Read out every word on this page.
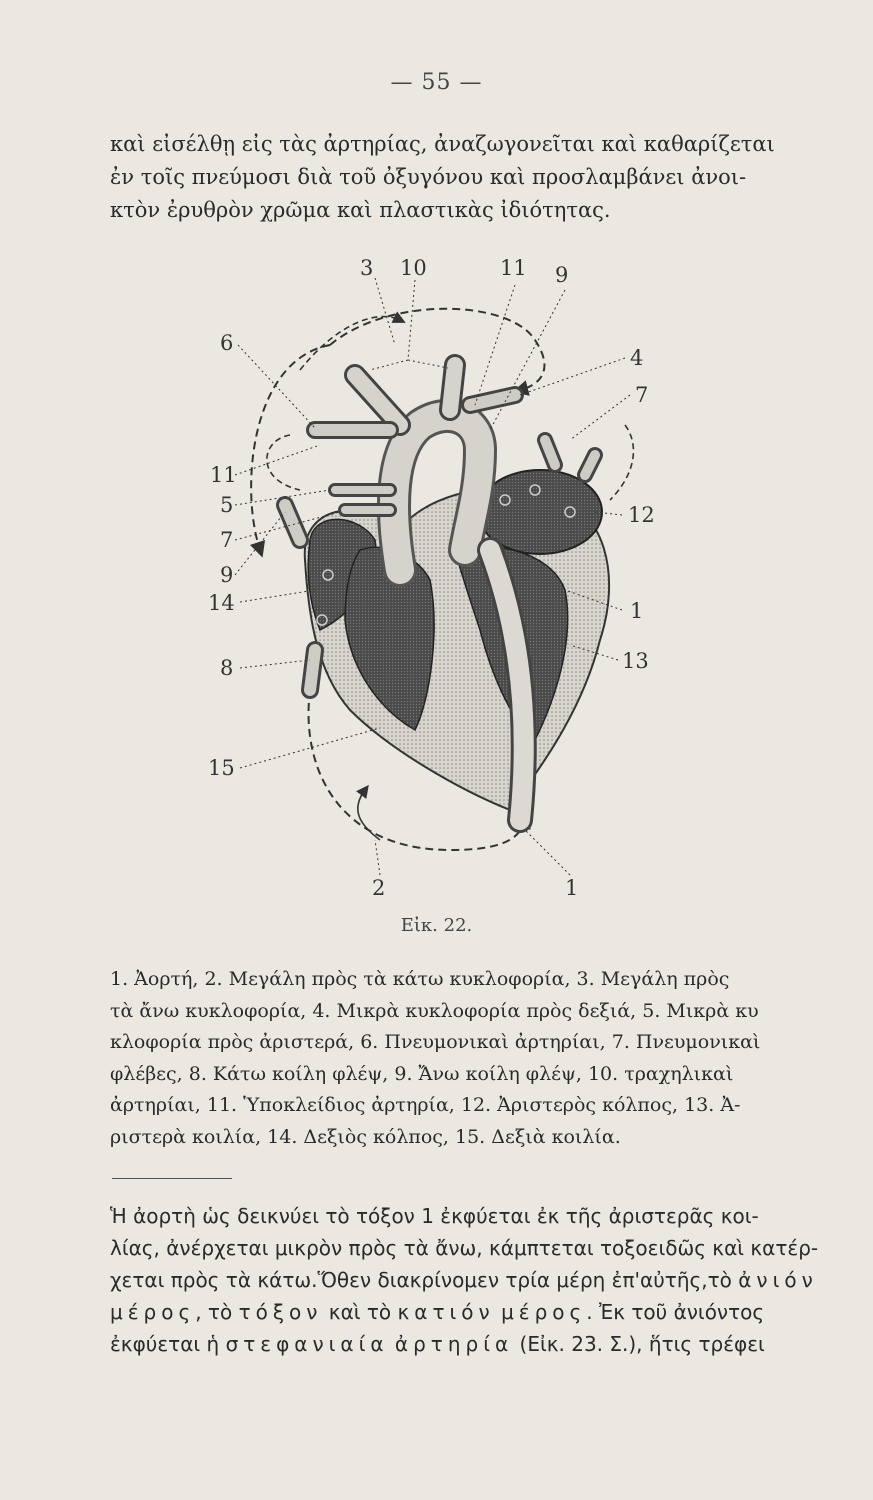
— 55 —
καὶ εἰσέλθῃ εἰς τὰς ἀρτηρίας, ἀναζωγονεῖται καὶ καθαρίζεται
ἐν τοῖς πνεύμοσι διὰ τοῦ ὀξυγόνου καὶ προσλαμβάνει ἀνοι-
κτὸν ἐρυθρὸν χρῶμα καὶ πλαστικὰς ἰδιότητας.
3 10	11 9
6
11
5
7
9
14
8
15
4
7
12
1
13
2	1
Εἰκ. 22.
1. Ἀορτή, 2. Μεγάλη πρὸς τὰ κάτω κυκλοφορία, 3. Μεγάλη πρὸς
τὰ ἄνω κυκλοφορία, 4. Μικρὰ κυκλοφορία πρὸς δεξιά, 5. Μικρὰ κυ
κλοφορία πρὸς ἀριστερά, 6. Πνευμονικαὶ ἀρτηρίαι, 7. Πνευμονικαὶ
φλέβες, 8. Κάτω κοίλη φλέψ, 9. Ἄνω κοίλη φλέψ, 10. τραχηλικαὶ
ἀρτηρίαι, 11. Ὑποκλείδιος ἀρτηρία, 12. Ἀριστερὸς κόλπος, 13. Ἀ-
ριστερὰ κοιλία, 14. Δεξιὸς κόλπος, 15. Δεξιὰ κοιλία.
Ἡ ἀορτὴ ὡς δεικνύει τὸ τόξον 1 ἐκφύεται ἐκ τῆς ἀριστερᾶς κοι-
λίας, ἀνέρχεται μικρὸν πρὸς τὰ ἄνω, κάμπτεται τοξοειδῶς καὶ κατέρ-
χεται πρὸς τὰ κάτω.Ὅθεν διακρίνομεν τρία μέρη ἐπ'αὐτῆς,τὸ ἀνιόν
μέρος, τὸ τόξον καὶ τὸ κατιόν μέρος. Ἐκ τοῦ ἀνιόντος
ἐκφύεται ἡ στεφανιαία ἀρτηρία (Εἰκ. 23. Σ.), ἥτις τρέφει
